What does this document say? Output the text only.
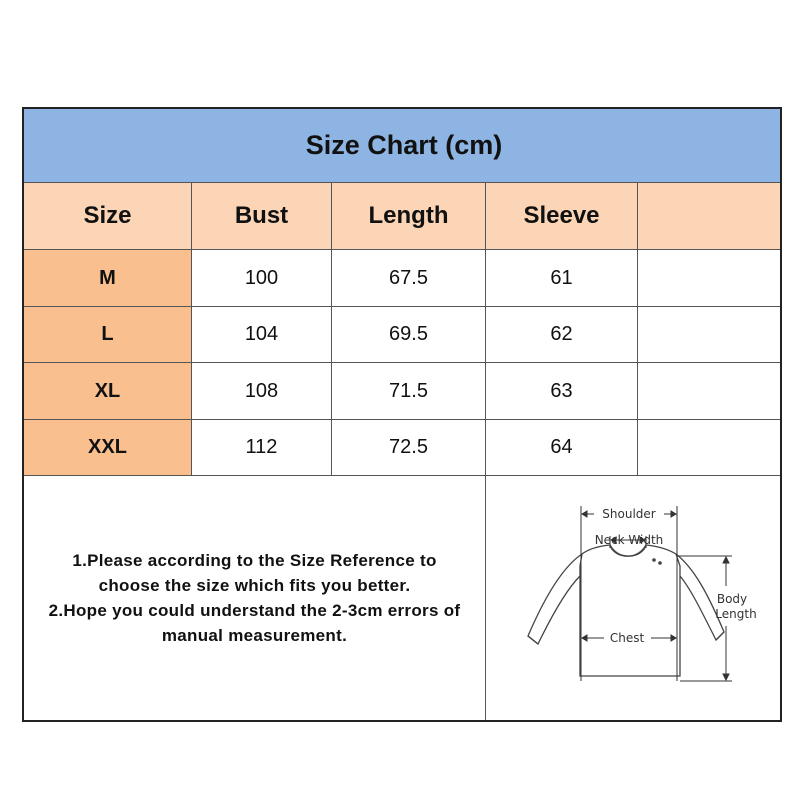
Size Chart (cm)
Size	Bust	Length	Sleeve
M	100	67.5	61
L	104	69.5	62
XL	108	71.5	63
XXL	112	72.5	64
1.Please according to the Size Reference to
choose the size which fits you better.
2.Hope you could understand the 2-3cm errors of
manual measurement.
Shoulder
Neck Width
Chest
Body
Length
